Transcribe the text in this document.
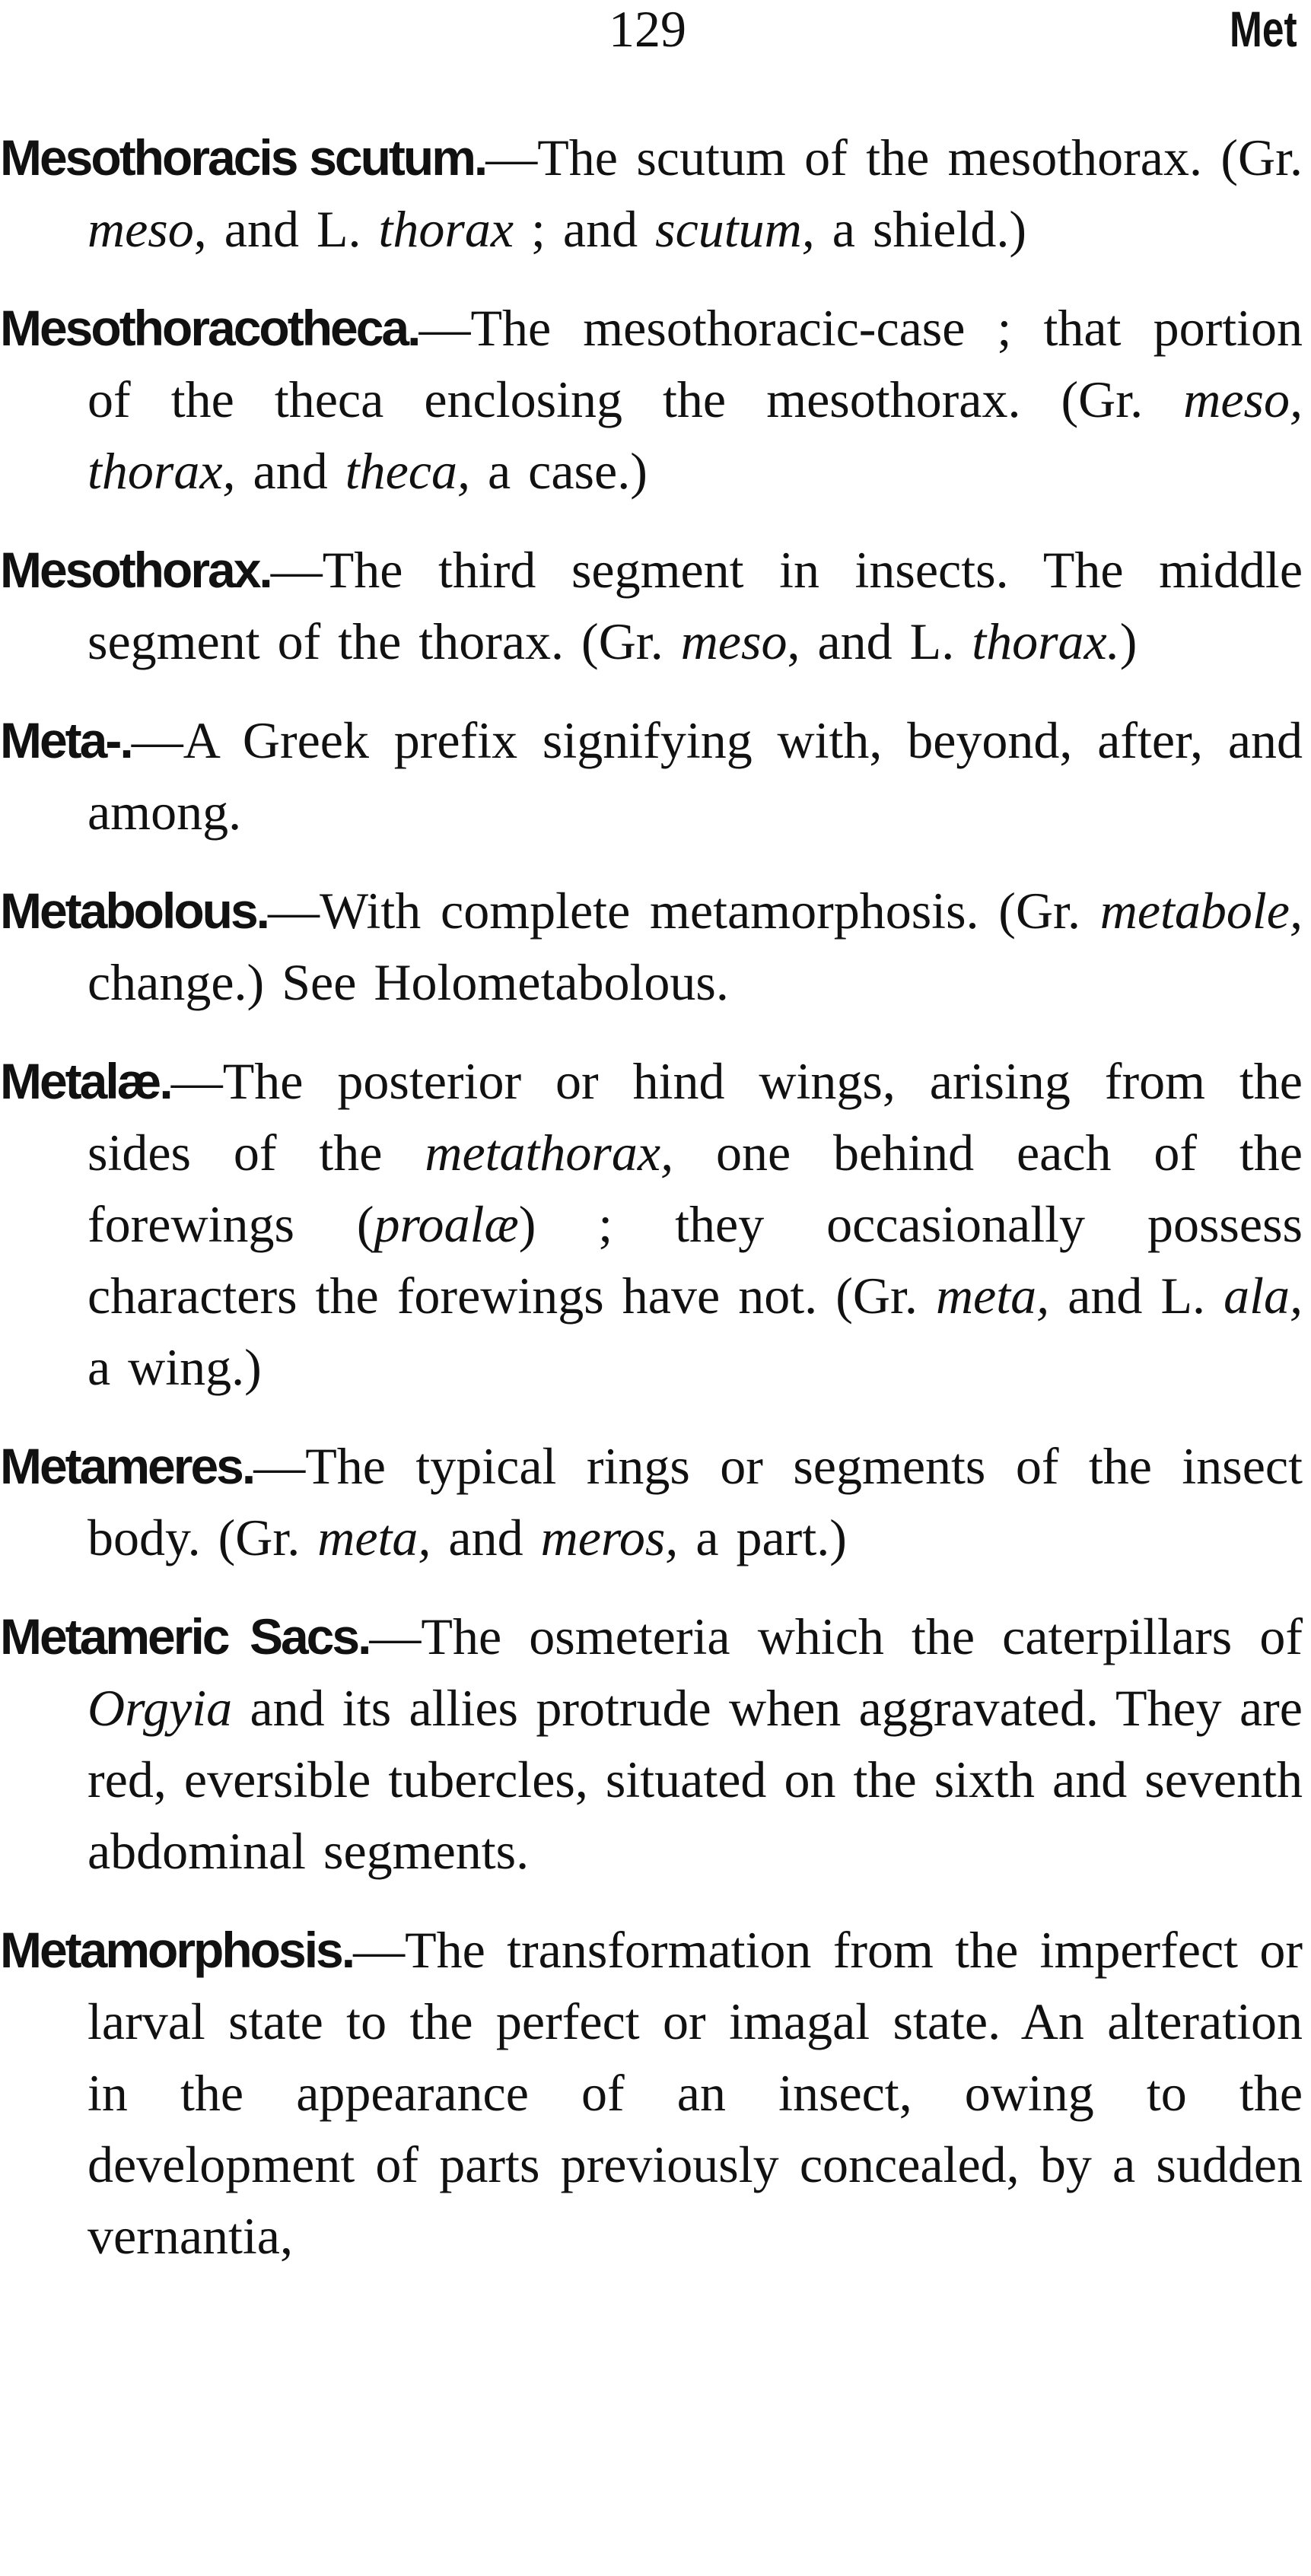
129	Met

Mesothoracis scutum.—The scutum of the mesothorax. (Gr. meso, and L. thorax ; and scutum, a shield.)

Mesothoracotheca.—The mesothoracic-case ; that portion of the theca enclosing the mesothorax. (Gr. meso, thorax, and theca, a case.)

Mesothorax.—The third segment in insects. The middle segment of the thorax. (Gr. meso, and L. thorax.)

Meta-.—A Greek prefix signifying with, beyond, after, and among.

Metabolous.—With complete metamorphosis. (Gr. metabole, change.) See Holometabolous.

Metalæ.—The posterior or hind wings, arising from the sides of the metathorax, one behind each of the forewings (proalæ) ; they occasionally possess characters the forewings have not. (Gr. meta, and L. ala, a wing.)

Metameres.—The typical rings or segments of the insect body. (Gr. meta, and meros, a part.)

Metameric Sacs.—The osmeteria which the caterpillars of Orgyia and its allies protrude when aggravated. They are red, eversible tubercles, situated on the sixth and seventh abdominal segments.

Metamorphosis.—The transformation from the imperfect or larval state to the perfect or imagal state. An alteration in the appearance of an insect, owing to the development of parts previously concealed, by a sudden vernantia,
